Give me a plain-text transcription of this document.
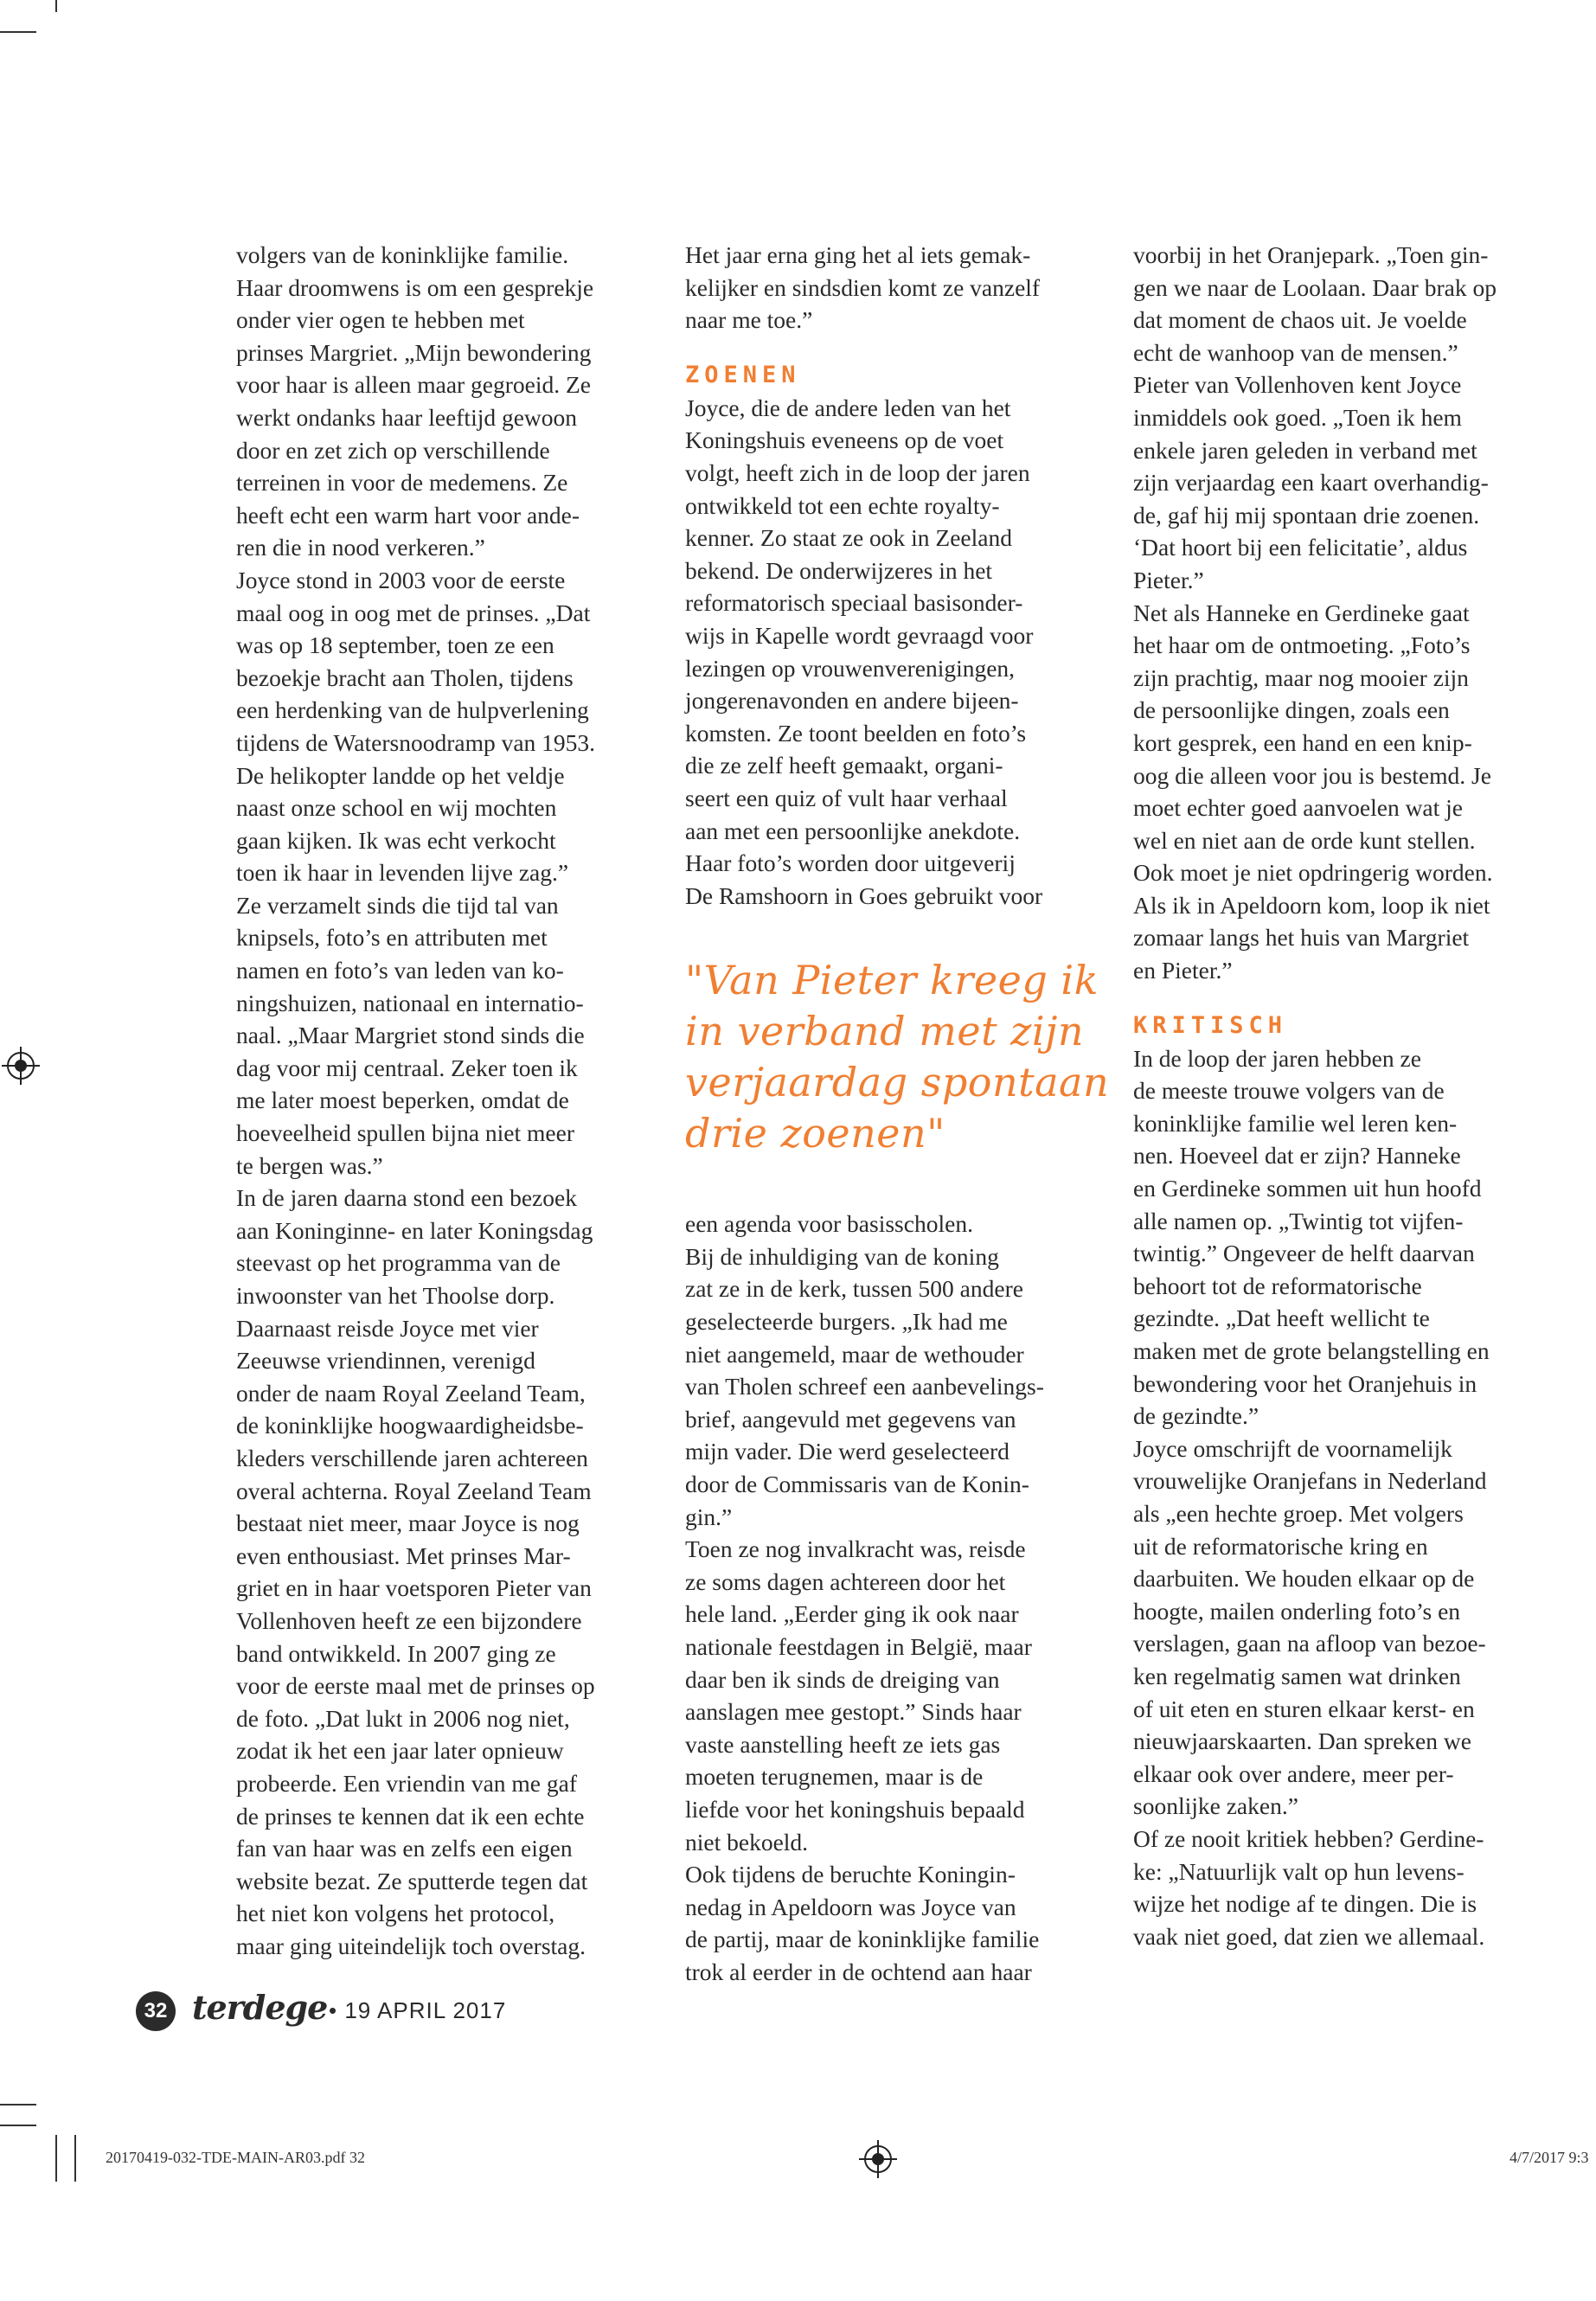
volgers van de koninklijke familie.

Haar droomwens is om een gesprekje

onder vier ogen te hebben met

prinses Margriet. „Mijn bewondering

voor haar is alleen maar gegroeid. Ze

werkt ondanks haar leeftijd gewoon

door en zet zich op verschillende

terreinen in voor de medemens. Ze

heeft echt een warm hart voor ande-

ren die in nood verkeren.”

Joyce stond in 2003 voor de eerste

maal oog in oog met de prinses. „Dat

was op 18 september, toen ze een

bezoekje bracht aan Tholen, tijdens

een herdenking van de hulpverlening

tijdens de Watersnoodramp van 1953.

De helikopter landde op het veldje

naast onze school en wij mochten

gaan kijken. Ik was echt verkocht

toen ik haar in levenden lijve zag.”

Ze verzamelt sinds die tijd tal van

knipsels, foto’s en attributen met

namen en foto’s van leden van ko-

ningshuizen, nationaal en internatio-

naal. „Maar Margriet stond sinds die

dag voor mij centraal. Zeker toen ik

me later moest beperken, omdat de

hoeveelheid spullen bijna niet meer

te bergen was.”

In de jaren daarna stond een bezoek

aan Koninginne- en later Koningsdag

steevast op het programma van de

inwoonster van het Thoolse dorp.

Daarnaast reisde Joyce met vier

Zeeuwse vriendinnen, verenigd

onder de naam Royal Zeeland Team,

de koninklijke hoogwaardigheidsbe-

kleders verschillende jaren achtereen

overal achterna. Royal Zeeland Team

bestaat niet meer, maar Joyce is nog

even enthousiast. Met prinses Mar-

griet en in haar voetsporen Pieter van

Vollenhoven heeft ze een bijzondere

band ontwikkeld. In 2007 ging ze

voor de eerste maal met de prinses op

de foto. „Dat lukt in 2006 nog niet,

zodat ik het een jaar later opnieuw

probeerde. Een vriendin van me gaf

de prinses te kennen dat ik een echte

fan van haar was en zelfs een eigen

website bezat. Ze sputterde tegen dat

het niet kon volgens het protocol,

maar ging uiteindelijk toch overstag.

Het jaar erna ging het al iets gemak-

kelijker en sindsdien komt ze vanzelf

naar me toe.”

ZOENEN

Joyce, die de andere leden van het

Koningshuis eveneens op de voet

volgt, heeft zich in de loop der jaren

ontwikkeld tot een echte royalty-

kenner. Zo staat ze ook in Zeeland

bekend. De onderwijzeres in het

reformatorisch speciaal basisonder-

wijs in Kapelle wordt gevraagd voor

lezingen op vrouwenverenigingen,

jongerenavonden en andere bijeen-

komsten. Ze toont beelden en foto’s

die ze zelf heeft gemaakt, organi-

seert een quiz of vult haar verhaal

aan met een persoonlijke anekdote.

Haar foto’s worden door uitgeverij

De Ramshoorn in Goes gebruikt voor

"Van Pieter kreeg ik
in verband met zijn
verjaardag spontaan
drie zoenen"

een agenda voor basisscholen.

Bij de inhuldiging van de koning

zat ze in de kerk, tussen 500 andere

geselecteerde burgers. „Ik had me

niet aangemeld, maar de wethouder

van Tholen schreef een aanbevelings-

brief, aangevuld met gegevens van

mijn vader. Die werd geselecteerd

door de Commissaris van de Konin-

gin.”

Toen ze nog invalkracht was, reisde

ze soms dagen achtereen door het

hele land. „Eerder ging ik ook naar

nationale feestdagen in België, maar

daar ben ik sinds de dreiging van

aanslagen mee gestopt.” Sinds haar

vaste aanstelling heeft ze iets gas

moeten terugnemen, maar is de

liefde voor het koningshuis bepaald

niet bekoeld.

Ook tijdens de beruchte Koningin-

nedag in Apeldoorn was Joyce van

de partij, maar de koninklijke familie

trok al eerder in de ochtend aan haar

voorbij in het Oranjepark. „Toen gin-

gen we naar de Loolaan. Daar brak op

dat moment de chaos uit. Je voelde

echt de wanhoop van de mensen.”

Pieter van Vollenhoven kent Joyce

inmiddels ook goed. „Toen ik hem

enkele jaren geleden in verband met

zijn verjaardag een kaart overhandig-

de, gaf hij mij spontaan drie zoenen.

‘Dat hoort bij een felicitatie’, aldus

Pieter.”

Net als Hanneke en Gerdineke gaat

het haar om de ontmoeting. „Foto’s

zijn prachtig, maar nog mooier zijn

de persoonlijke dingen, zoals een

kort gesprek, een hand en een knip-

oog die alleen voor jou is bestemd. Je

moet echter goed aanvoelen wat je

wel en niet aan de orde kunt stellen.

Ook moet je niet opdringerig worden.

Als ik in Apeldoorn kom, loop ik niet

zomaar langs het huis van Margriet

en Pieter.”

KRITISCH

In de loop der jaren hebben ze

de meeste trouwe volgers van de

koninklijke familie wel leren ken-

nen. Hoeveel dat er zijn? Hanneke

en Gerdineke sommen uit hun hoofd

alle namen op. „Twintig tot vijfen-

twintig.” Ongeveer de helft daarvan

behoort tot de reformatorische

gezindte. „Dat heeft wellicht te

maken met de grote belangstelling en

bewondering voor het Oranjehuis in

de gezindte.”

Joyce omschrijft de voornamelijk

vrouwelijke Oranjefans in Nederland

als „een hechte groep. Met volgers

uit de reformatorische kring en

daarbuiten. We houden elkaar op de

hoogte, mailen onderling foto’s en

verslagen, gaan na afloop van bezoe-

ken regelmatig samen wat drinken

of uit eten en sturen elkaar kerst- en

nieuwjaarskaarten. Dan spreken we

elkaar ook over andere, meer per-

soonlijke zaken.”

Of ze nooit kritiek hebben? Gerdine-

ke: „Natuurlijk valt op hun levens-

wijze het nodige af te dingen. Die is

vaak niet goed, dat zien we allemaal.

32 terdege • 19 APRIL 2017
20170419-032-TDE-MAIN-AR03.pdf 32	4/7/2017 9:3
